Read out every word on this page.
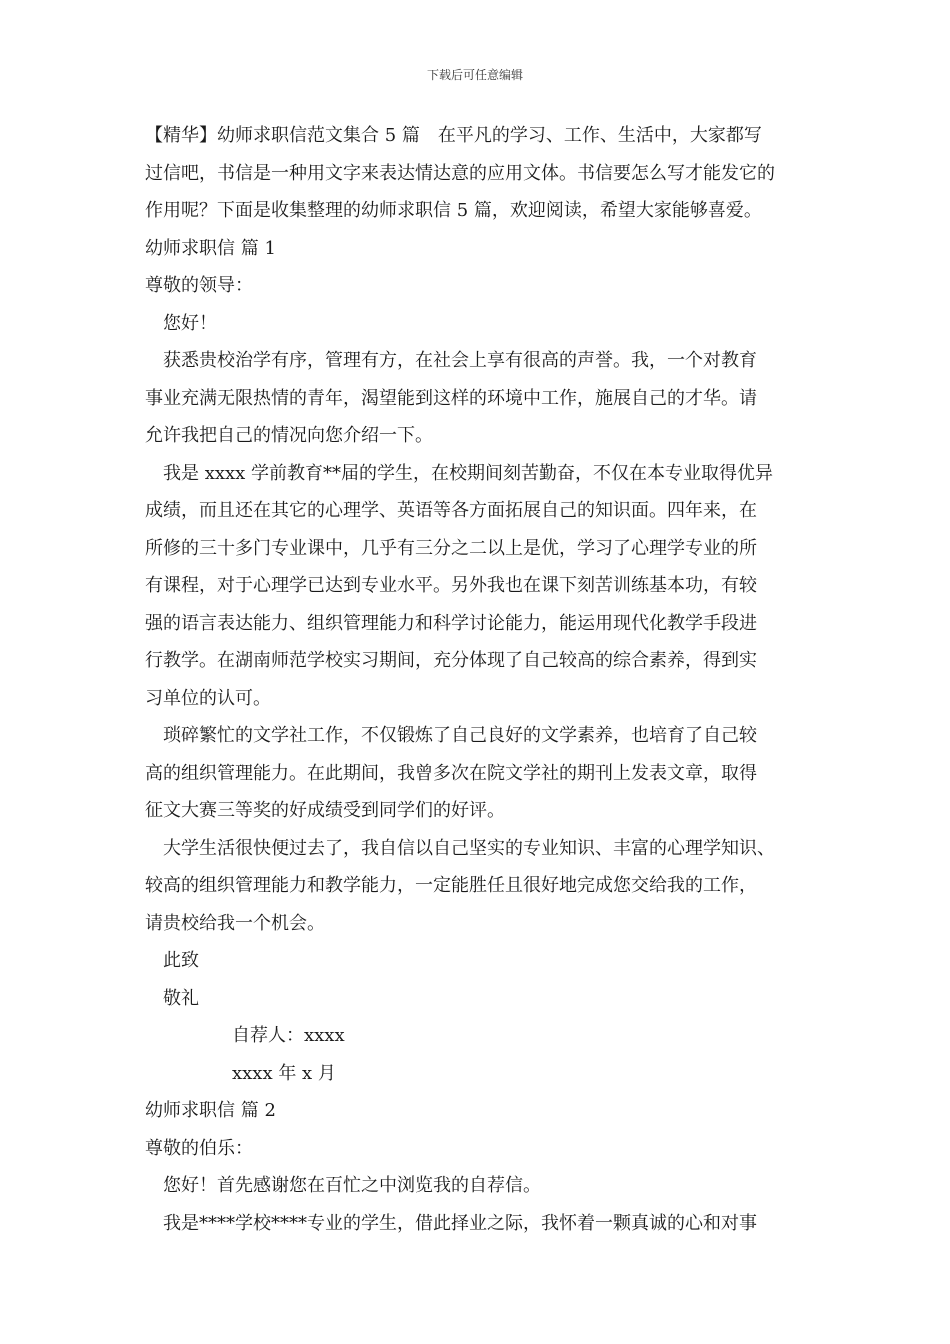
下载后可任意编辑
【精华】幼师求职信范文集合 5 篇　在平凡的学习、工作、生活中，大家都写
过信吧，书信是一种用文字来表达情达意的应用文体。书信要怎么写才能发它的
作用呢？下面是收集整理的幼师求职信 5 篇，欢迎阅读，希望大家能够喜爱。
幼师求职信 篇 1
尊敬的领导：
您好！
获悉贵校治学有序，管理有方，在社会上享有很高的声誉。我，一个对教育
事业充满无限热情的青年，渴望能到这样的环境中工作，施展自己的才华。请
允许我把自己的情况向您介绍一下。
我是 xxxx 学前教育**届的学生，在校期间刻苦勤奋，不仅在本专业取得优异
成绩，而且还在其它的心理学、英语等各方面拓展自己的知识面。四年来，在
所修的三十多门专业课中，几乎有三分之二以上是优，学习了心理学专业的所
有课程，对于心理学已达到专业水平。另外我也在课下刻苦训练基本功，有较
强的语言表达能力、组织管理能力和科学讨论能力，能运用现代化教学手段进
行教学。在湖南师范学校实习期间，充分体现了自己较高的综合素养，得到实
习单位的认可。
琐碎繁忙的文学社工作，不仅锻炼了自己良好的文学素养，也培育了自己较
高的组织管理能力。在此期间，我曾多次在院文学社的期刊上发表文章，取得
征文大赛三等奖的好成绩受到同学们的好评。
大学生活很快便过去了，我自信以自己坚实的专业知识、丰富的心理学知识、
较高的组织管理能力和教学能力，一定能胜任且很好地完成您交给我的工作，
请贵校给我一个机会。
此致
敬礼
自荐人：xxxx
xxxx 年 x 月
幼师求职信 篇 2
尊敬的伯乐：
您好！首先感谢您在百忙之中浏览我的自荐信。
我是****学校****专业的学生，借此择业之际，我怀着一颗真诚的心和对事
